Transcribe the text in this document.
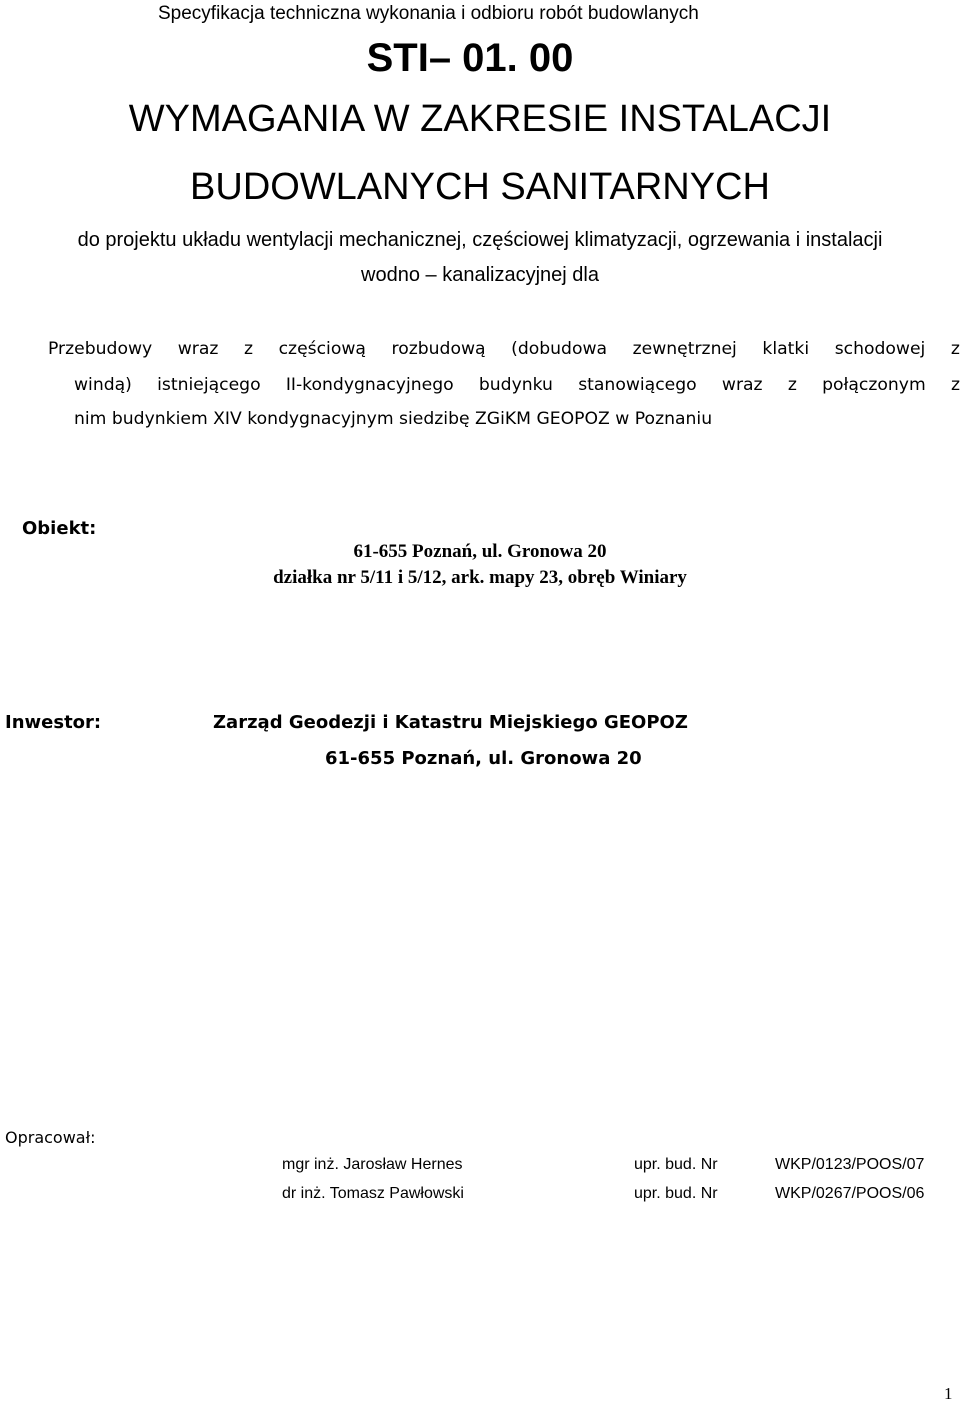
Specyfikacja techniczna wykonania i odbioru robót budowlanych
STI– 01. 00
WYMAGANIA W ZAKRESIE INSTALACJI
BUDOWLANYCH SANITARNYCH
do projektu układu wentylacji mechanicznej, częściowej klimatyzacji, ogrzewania i instalacji
wodno – kanalizacyjnej dla
Przebudowy wraz z częściową rozbudową (dobudowa zewnętrznej klatki schodowej z
windą) istniejącego II-kondygnacyjnego budynku stanowiącego wraz z połączonym z
nim budynkiem XIV kondygnacyjnym siedzibę ZGiKM GEOPOZ w Poznaniu
Obiekt:
61-655 Poznań, ul. Gronowa 20
działka nr 5/11 i 5/12, ark. mapy 23, obręb Winiary
Inwestor:	Zarząd Geodezji i Katastru Miejskiego GEOPOZ
61-655 Poznań, ul. Gronowa 20
Opracował:
mgr inż. Jarosław Hernes	upr. bud. Nr	WKP/0123/POOS/07
dr inż. Tomasz Pawłowski	upr. bud. Nr	WKP/0267/POOS/06
1
